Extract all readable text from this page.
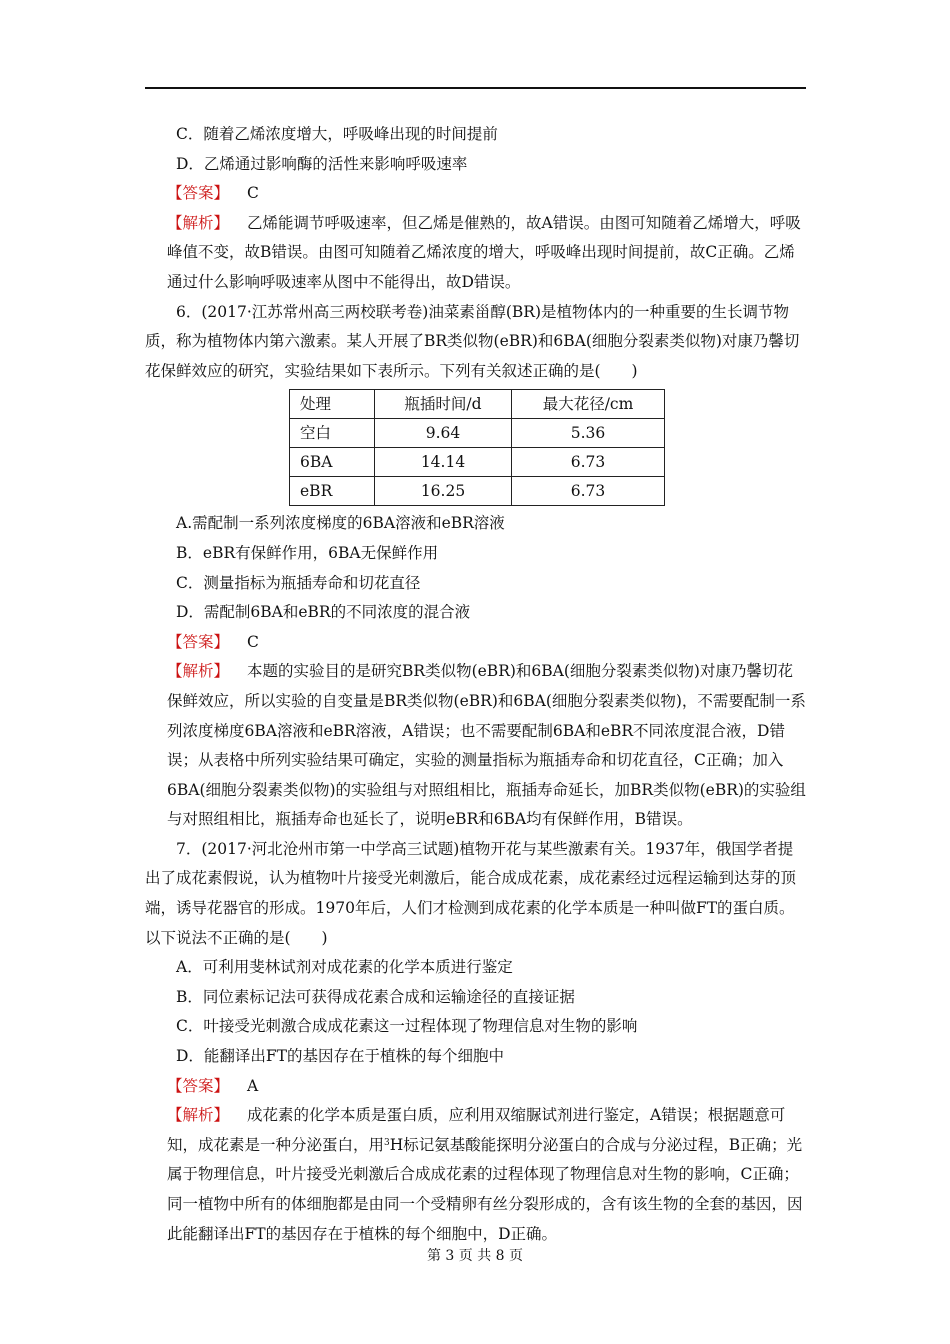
C．随着乙烯浓度增大，呼吸峰出现的时间提前

D．乙烯通过影响酶的活性来影响呼吸速率

【答案】 C

【解析】 乙烯能调节呼吸速率，但乙烯是催熟的，故A错误。由图可知随着乙烯增大，呼吸峰值不变，故B错误。由图可知随着乙烯浓度的增大，呼吸峰出现时间提前，故C正确。乙烯通过什么影响呼吸速率从图中不能得出，故D错误。

6．(2017·江苏常州高三两校联考卷)油菜素甾醇(BR)是植物体内的一种重要的生长调节物质，称为植物体内第六激素。某人开展了BR类似物(eBR)和6BA(细胞分裂素类似物)对康乃馨切花保鲜效应的研究，实验结果如下表所示。下列有关叙述正确的是(　　)

处理	瓶插时间/d	最大花径/cm
空白	9.64	5.36
6BA	14.14	6.73
eBR	16.25	6.73

A.需配制一系列浓度梯度的6BA溶液和eBR溶液

B．eBR有保鲜作用，6BA无保鲜作用

C．测量指标为瓶插寿命和切花直径

D．需配制6BA和eBR的不同浓度的混合液

【答案】 C

【解析】 本题的实验目的是研究BR类似物(eBR)和6BA(细胞分裂素类似物)对康乃馨切花保鲜效应，所以实验的自变量是BR类似物(eBR)和6BA(细胞分裂素类似物)，不需要配制一系列浓度梯度6BA溶液和eBR溶液，A错误；也不需要配制6BA和eBR不同浓度混合液，D错误；从表格中所列实验结果可确定，实验的测量指标为瓶插寿命和切花直径，C正确；加入6BA(细胞分裂素类似物)的实验组与对照组相比，瓶插寿命延长，加BR类似物(eBR)的实验组与对照组相比，瓶插寿命也延长了，说明eBR和6BA均有保鲜作用，B错误。

7．(2017·河北沧州市第一中学高三试题)植物开花与某些激素有关。1937年，俄国学者提出了成花素假说，认为植物叶片接受光刺激后，能合成成花素，成花素经过远程运输到达芽的顶端，诱导花器官的形成。1970年后，人们才检测到成花素的化学本质是一种叫做FT的蛋白质。以下说法不正确的是(　　)

A．可利用斐林试剂对成花素的化学本质进行鉴定

B．同位素标记法可获得成花素合成和运输途径的直接证据

C．叶接受光刺激合成成花素这一过程体现了物理信息对生物的影响

D．能翻译出FT的基因存在于植株的每个细胞中

【答案】 A

【解析】 成花素的化学本质是蛋白质，应利用双缩脲试剂进行鉴定，A错误；根据题意可知，成花素是一种分泌蛋白，用$^3$H标记氨基酸能探明分泌蛋白的合成与分泌过程，B正确；光属于物理信息，叶片接受光刺激后合成成花素的过程体现了物理信息对生物的影响，C正确；同一植物中所有的体细胞都是由同一个受精卵有丝分裂形成的，含有该生物的全套的基因，因此能翻译出FT的基因存在于植株的每个细胞中，D正确。

第 3 页 共 8 页
